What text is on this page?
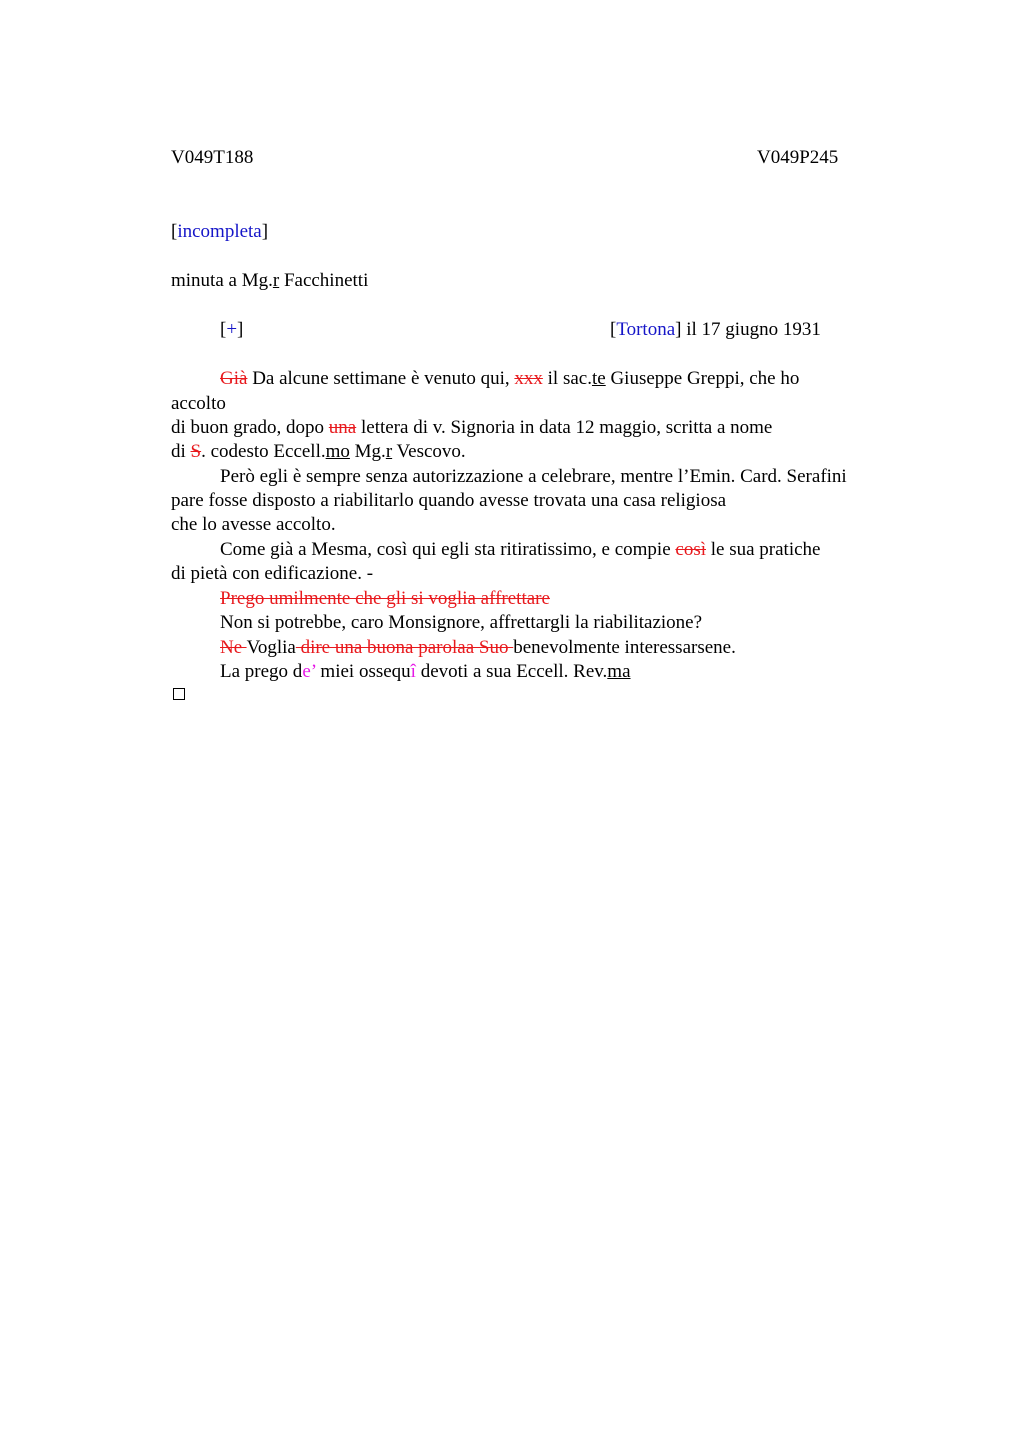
V049T188	V049P245
[incompleta]
minuta a Mg.r Facchinetti
[+]	[Tortona] il 17 giugno 1931
Già Da alcune settimane è venuto qui, xxx il sac.te Giuseppe Greppi, che ho
accolto
di buon grado, dopo una lettera di v. Signoria in data 12 maggio, scritta a nome
di S. codesto Eccell.mo Mg.r Vescovo.
Però egli è sempre senza autorizzazione a celebrare, mentre l’Emin. Card. Serafini
pare fosse disposto a riabilitarlo quando avesse trovata una casa religiosa
che lo avesse accolto.
Come già a Mesma, così qui egli sta ritiratissimo, e compie così le sua pratiche
di pietà con edificazione. -
Prego umilmente che gli si voglia affrettare
Non si potrebbe, caro Monsignore, affrettargli la riabilitazione?
Ne Voglia dire una buona parolaa Suo benevolmente interessarsene.
La prego de’ miei ossequî devoti a sua Eccell. Rev.ma
